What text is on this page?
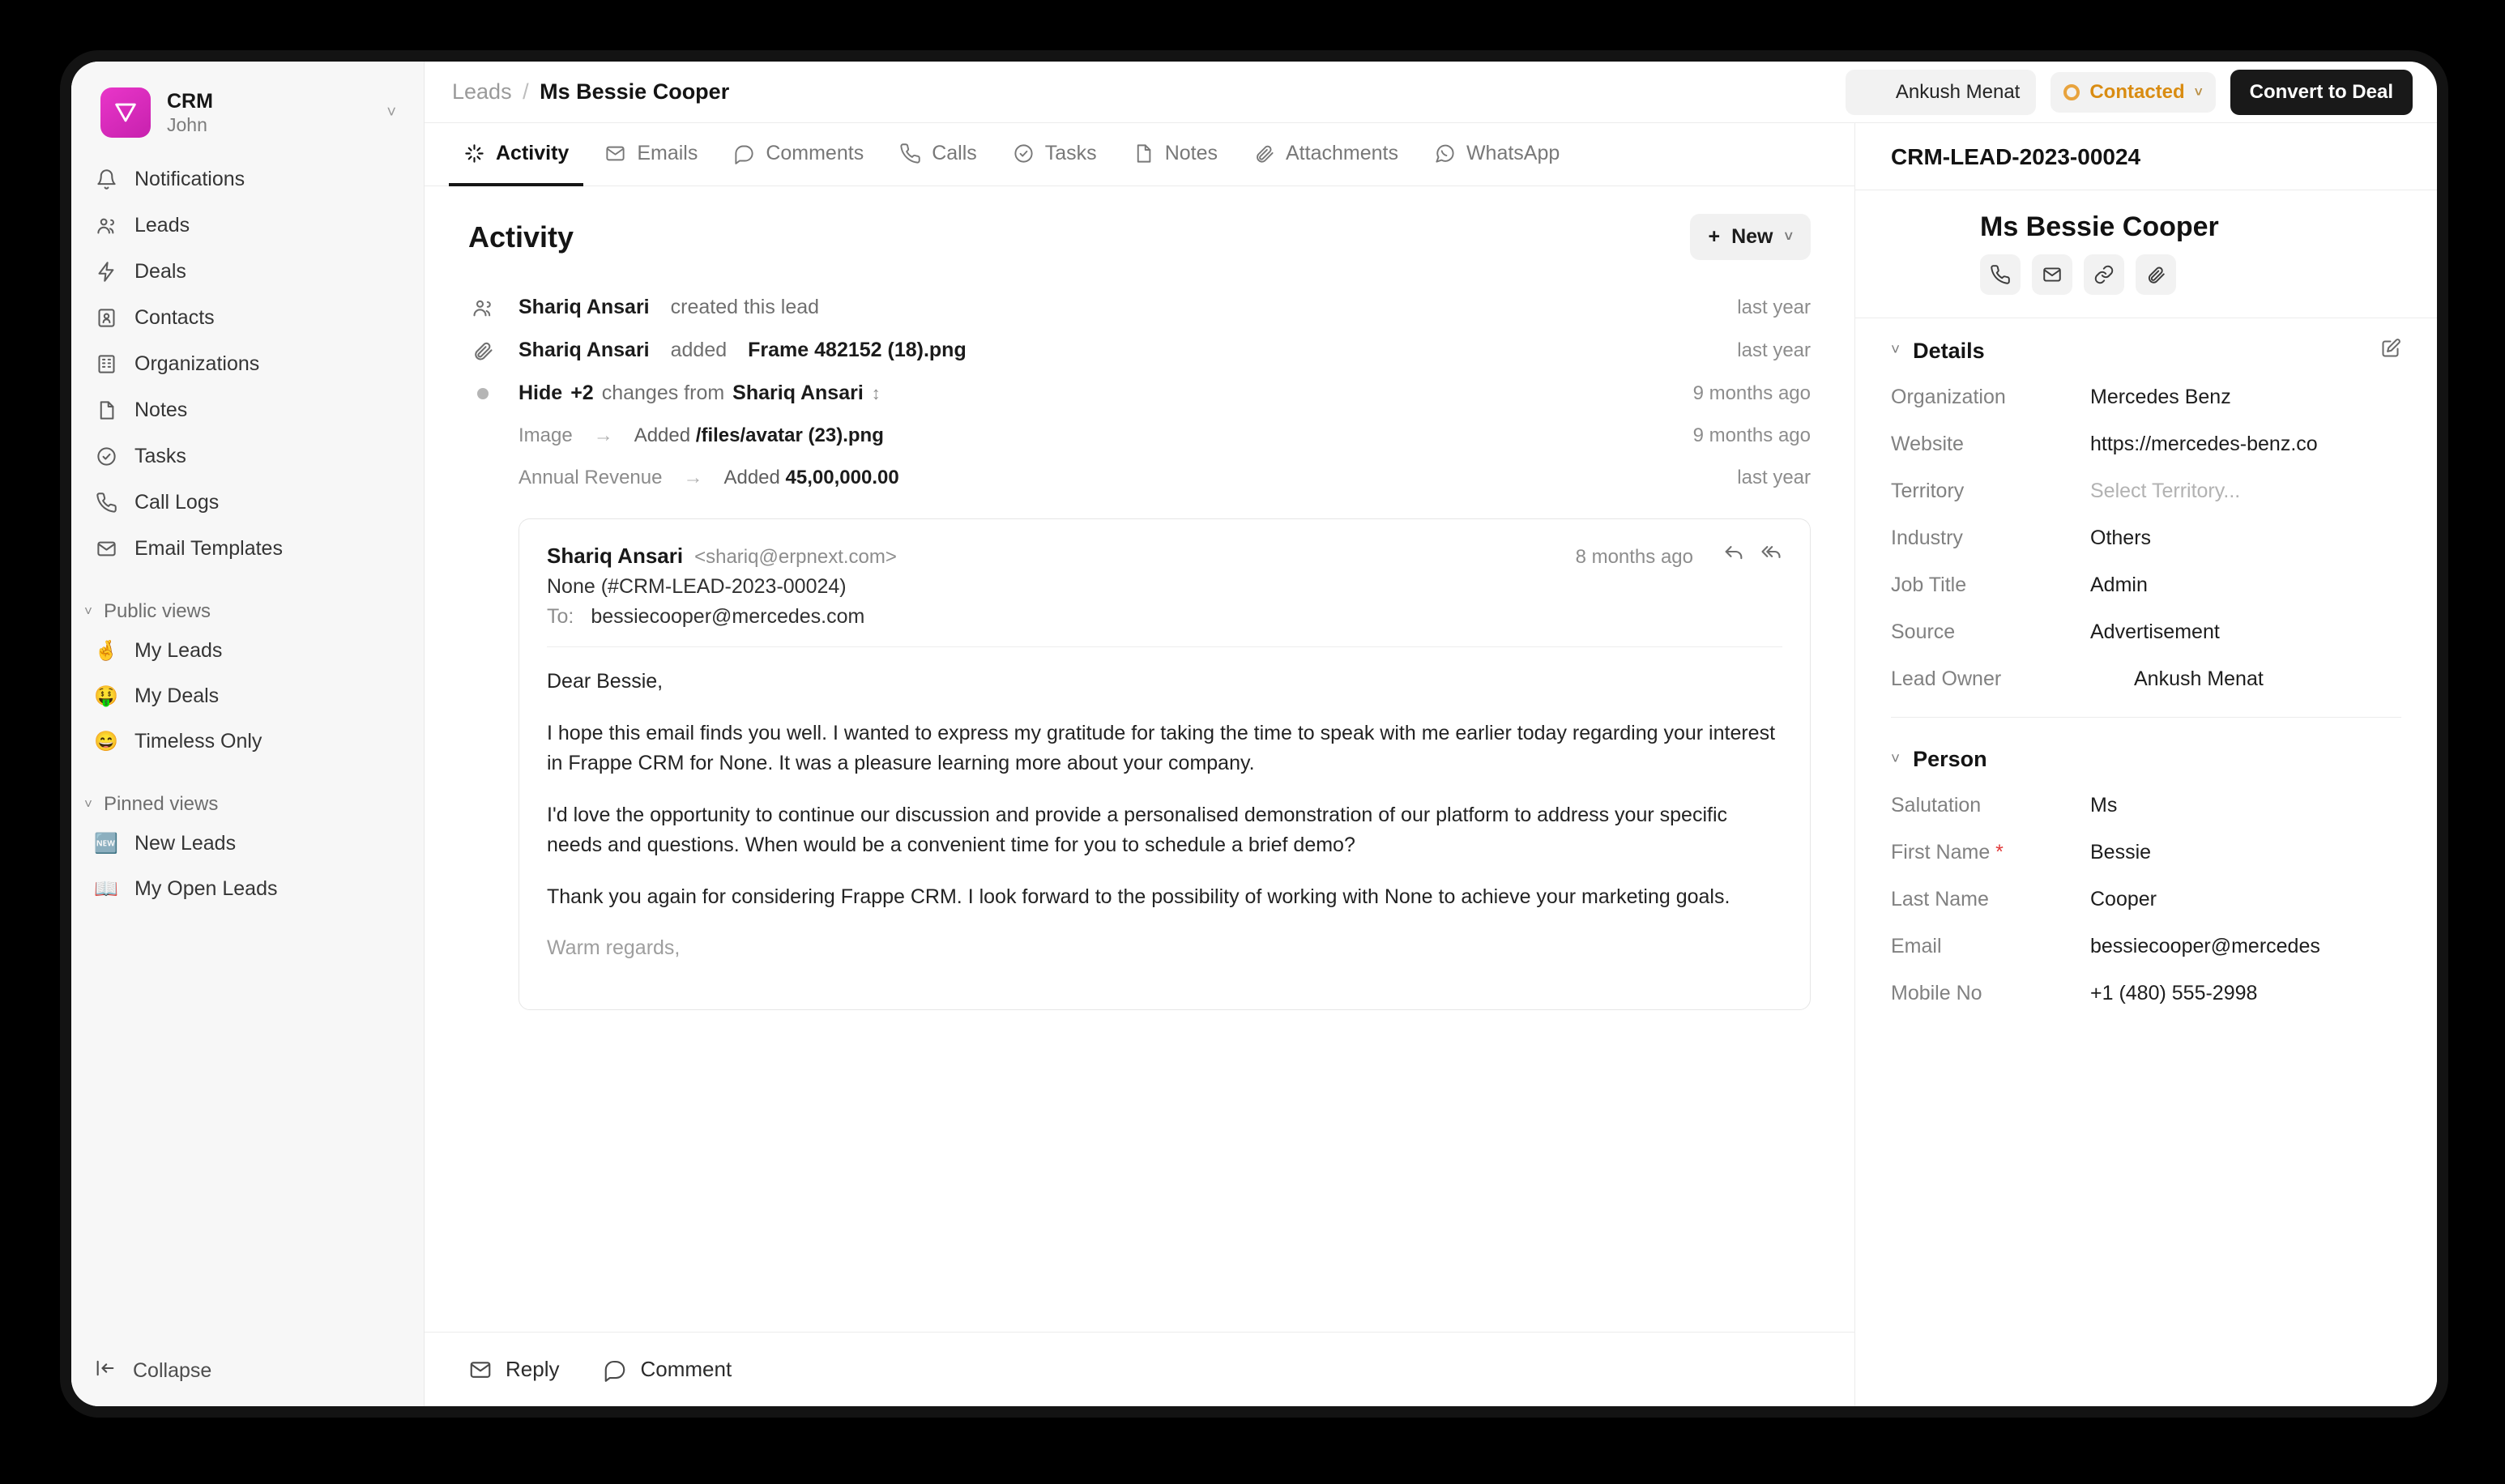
CRM
John
˅
Notifications
Leads
Deals
Contacts
Organizations
Notes
Tasks
Call Logs
Email Templates
˅ Public views
🤞 My Leads
🤑 My Deals
😄 Timeless Only
˅ Pinned views
🆕 New Leads
📖 My Open Leads
Collapse
Leads / Ms Bessie Cooper	Ankush Menat	Contacted ˅	Convert to Deal
Activity	Emails	Comments	Calls	Tasks	Notes	Attachments	WhatsApp
Activity	+ New ˅
Shariq Ansari created this lead	last year
Shariq Ansari added Frame 482152 (18).png	last year
Hide +2 changes from Shariq Ansari ↕	9 months ago
Image → Added /files/avatar (23).png	9 months ago
Annual Revenue → Added 45,00,000.00	last year
Shariq Ansari <shariq@erpnext.com>	8 months ago
None (#CRM-LEAD-2023-00024)
To: bessiecooper@mercedes.com

Dear Bessie,

I hope this email finds you well. I wanted to express my gratitude for taking the time to speak with me earlier today regarding your interest in Frappe CRM for None. It was a pleasure learning more about your company.

I'd love the opportunity to continue our discussion and provide a personalised demonstration of our platform to address your specific needs and questions. When would be a convenient time for you to schedule a brief demo?

Thank you again for considering Frappe CRM. I look forward to the possibility of working with None to achieve your marketing goals.

Warm regards,

Reply	Comment
CRM-LEAD-2023-00024
Ms Bessie Cooper
˅ Details
Organization	Mercedes Benz
Website	https://mercedes-benz.co
Territory	Select Territory...
Industry	Others
Job Title	Admin
Source	Advertisement
Lead Owner	Ankush Menat
˅ Person
Salutation	Ms
First Name *	Bessie
Last Name	Cooper
Email	bessiecooper@mercedes
Mobile No	+1 (480) 555-2998
